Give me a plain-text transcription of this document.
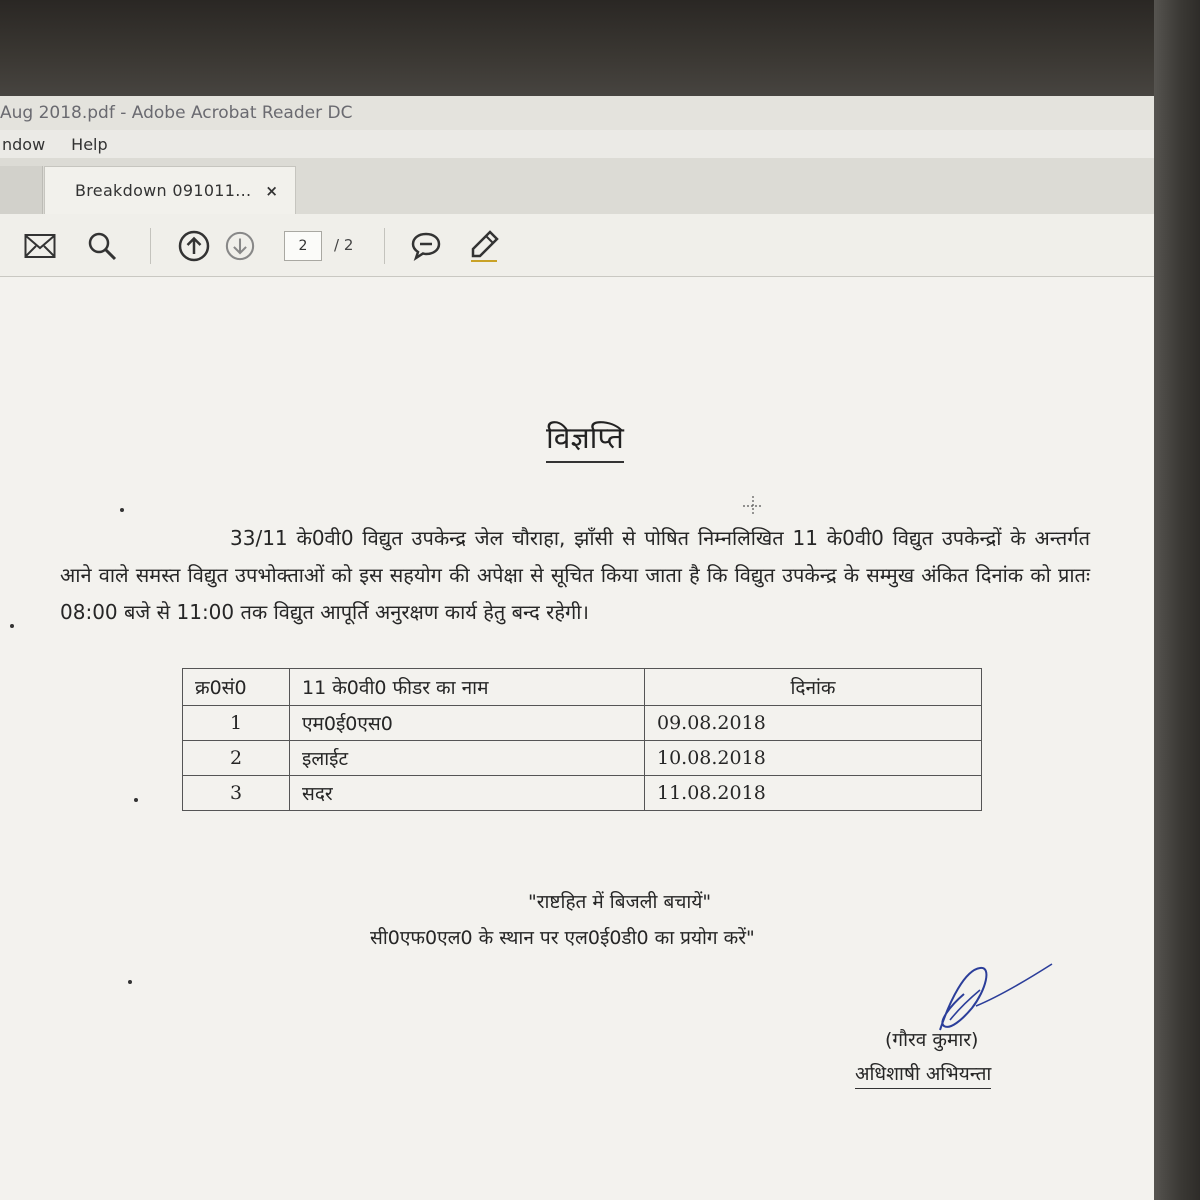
Aug 2018.pdf - Adobe Acrobat Reader DC
ndow Help
Breakdown 091011... ×
2 / 2
विज्ञप्ति
33/11 के0वी0 विद्युत उपकेन्द्र जेल चौराहा, झाँसी से पोषित निम्नलिखित 11 के0वी0 विद्युत उपकेन्द्रों के अन्तर्गत आने वाले समस्त विद्युत उपभोक्ताओं को इस सहयोग की अपेक्षा से सूचित किया जाता है कि विद्युत उपकेन्द्र के सम्मुख अंकित दिनांक को प्रातः 08:00 बजे से 11:00 तक विद्युत आपूर्ति अनुरक्षण कार्य हेतु बन्द रहेगी।
क्र0सं0	11 के0वी0 फीडर का नाम	दिनांक
1	एम0ई0एस0	09.08.2018
2	इलाईट	10.08.2018
3	सदर	11.08.2018
"राष्टहित में बिजली बचायें"
सी0एफ0एल0 के स्थान पर एल0ई0डी0 का प्रयोग करें"
(गौरव कुमार)
अधिशाषी अभियन्ता
